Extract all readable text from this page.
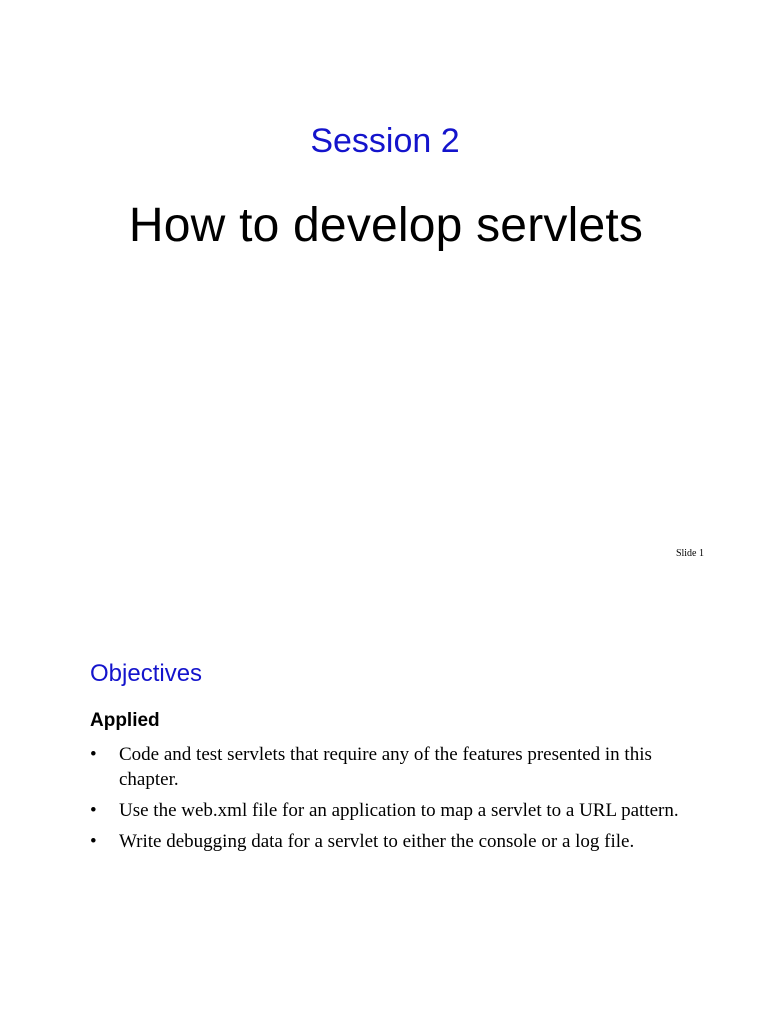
Session 2
How to develop servlets
Slide 1
Objectives
Applied
• Code and test servlets that require any of the features presented in this chapter.
• Use the web.xml file for an application to map a servlet to a URL pattern.
• Write debugging data for a servlet to either the console or a log file.
